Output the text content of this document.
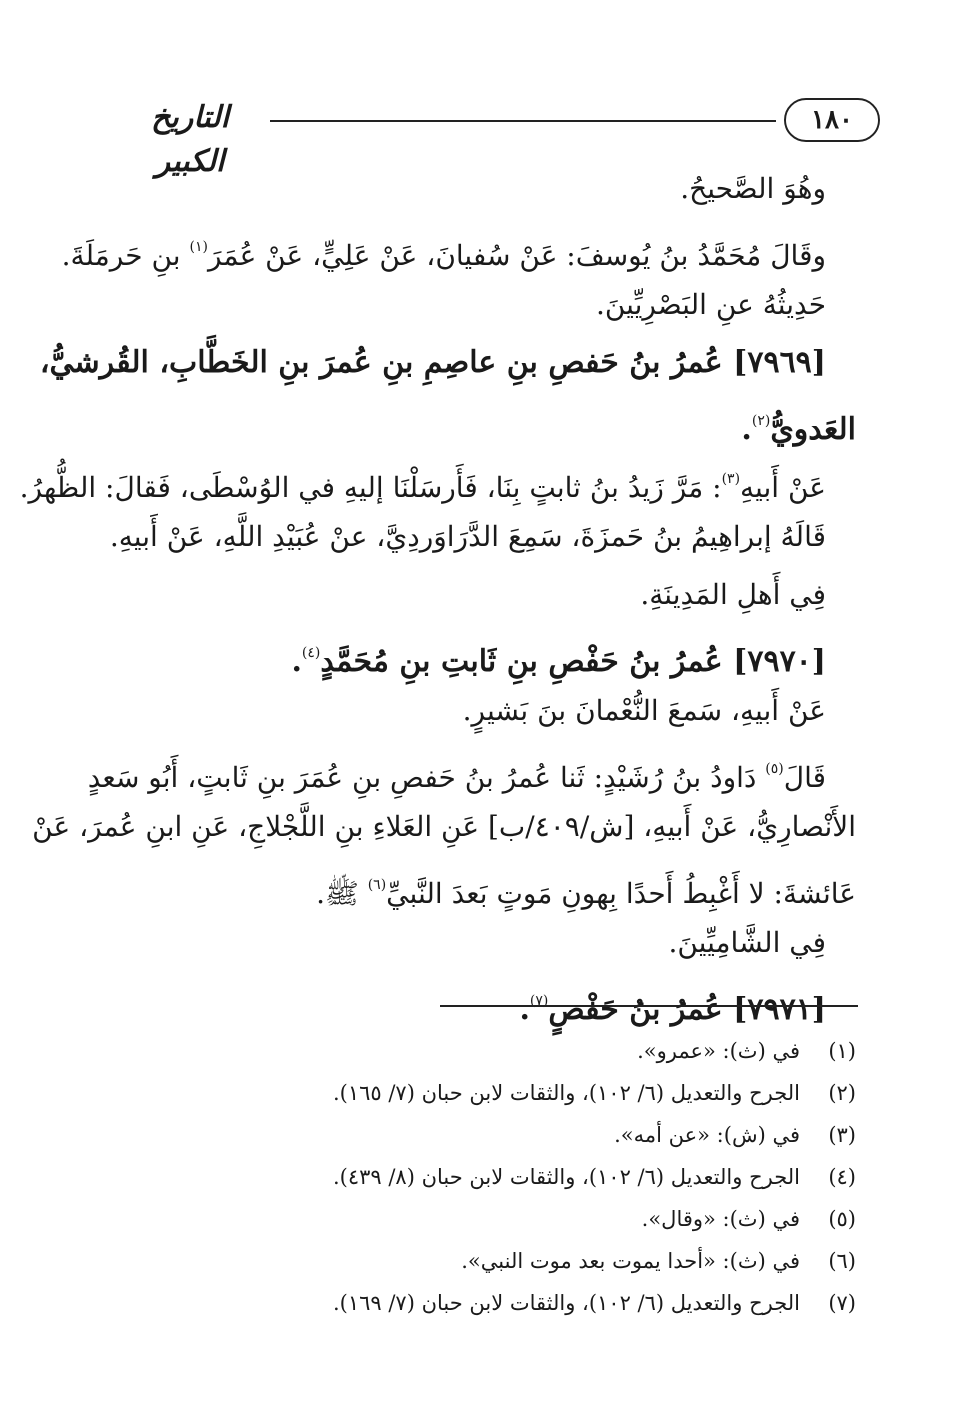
١٨٠
التاريخ الكبير
وهُوَ الصَّحيحُ.
وقَالَ مُحَمَّدُ بنُ يُوسفَ: عَنْ سُفيانَ، عَنْ عَلِيٍّ، عَنْ عُمَرَ$^{(١)}$ بنِ حَرمَلَةَ.
حَدِيثُهُ عنِ البَصْرِيِّينَ.
[٧٩٦٩] عُمرُ بنُ حَفصِ بنِ عاصِمِ بنِ عُمرَ بنِ الخَطَّابِ، القُرشيُّ،
العَدويُّ$^{(٢)}$.
عَنْ أَبيهِ$^{(٣)}$: مَرَّ زَيدُ بنُ ثابتٍ بِنَا، فَأَرسَلْنَا إليهِ في الوُسْطَى، فَقالَ: الظُّهرُ.
قَالَهُ إبراهِيمُ بنُ حَمزَةَ، سَمِعَ الدَّرَاوَردِيَّ، عنْ عُبَيْدِ اللَّهِ، عَنْ أَبيهِ.
فِي أَهلِ المَدِينَةِ.
[٧٩٧٠] عُمرُ بنُ حَفْصِ بنِ ثَابتِ بنِ مُحَمَّدٍ$^{(٤)}$.
عَنْ أَبيهِ، سَمعَ النُّعْمانَ بنَ بَشيرٍ.
قَالَ$^{(٥)}$ دَاودُ بنُ رُشَيْدٍ: ثَنا عُمرُ بنُ حَفصِ بنِ عُمَرَ بنِ ثَابتٍ، أَبُو سَعدٍ
الأَنْصارِيُّ، عَنْ أَبيهِ، [ش/٤٠٩/ب] عَنِ العَلاءِ بنِ اللَّجْلاجِ، عَنِ ابنِ عُمرَ، عَنْ
عَائشةَ: لا أَغْبِطُ أَحدًا بِهونِ مَوتٍ بَعدَ النَّبيِّ$^{(٦)}$ ﷺ.
فِي الشَّامِيِّينَ.
[٧٩٧١] عُمرُ بنُ حَفْصٍ$^{(٧)}$.
(١)في (ث): «عمرو».
(٢)الجرح والتعديل (٦/ ١٠٢)، والثقات لابن حبان (٧/ ١٦٥).
(٣)في (ش): «عن أمه».
(٤)الجرح والتعديل (٦/ ١٠٢)، والثقات لابن حبان (٨/ ٤٣٩).
(٥)في (ث): «وقال».
(٦)في (ث): «أحدا يموت بعد موت النبي».
(٧)الجرح والتعديل (٦/ ١٠٢)، والثقات لابن حبان (٧/ ١٦٩).
